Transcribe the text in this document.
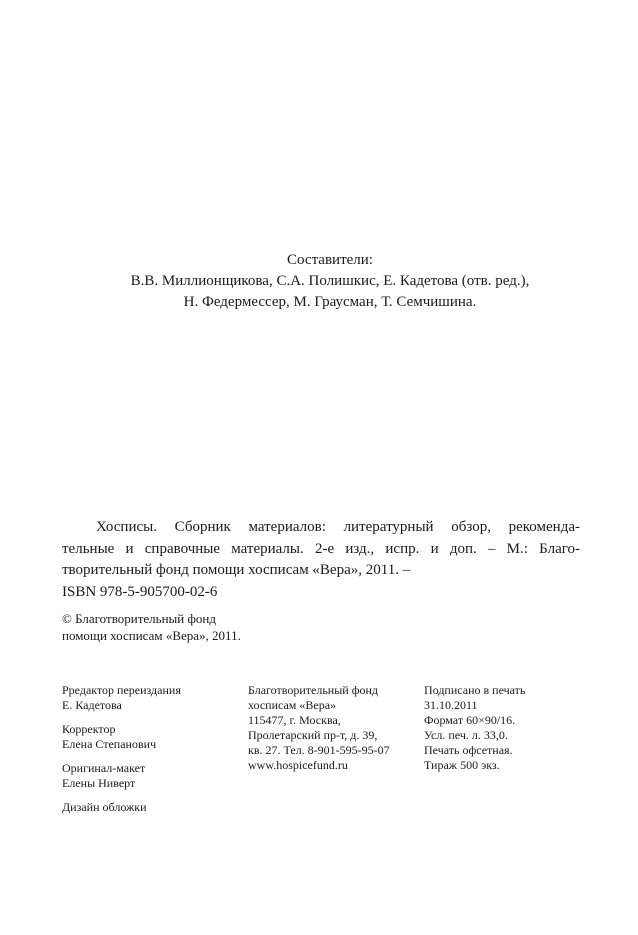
Составители:
В.В. Миллионщикова, С.А. Полишкис, Е. Кадетова (отв. ред.),
Н. Федермессер, М. Граусман, Т. Семчишина.
Хосписы. Сборник материалов: литературный обзор, рекоменда-
тельные и справочные материалы. 2-е изд., испр. и доп. – М.: Благо-
творительный фонд помощи хосписам «Вера», 2011. –
ISBN 978-5-905700-02-6
© Благотворительный фонд
помощи хосписам «Вера», 2011.
Рредактор переиздания
Е. Кадетова
Корректор
Елена Степанович
Оригинал-макет
Елены Ниверт
Дизайн обложки
Благотворительный фонд
хосписам «Вера»
115477, г. Москва,
Пролетарский пр-т, д. 39,
кв. 27. Тел. 8-901-595-95-07
www.hospicefund.ru
Подписано в печать
31.10.2011
Формат 60×90/16.
Усл. печ. л. 33,0.
Печать офсетная.
Тираж 500 экз.
